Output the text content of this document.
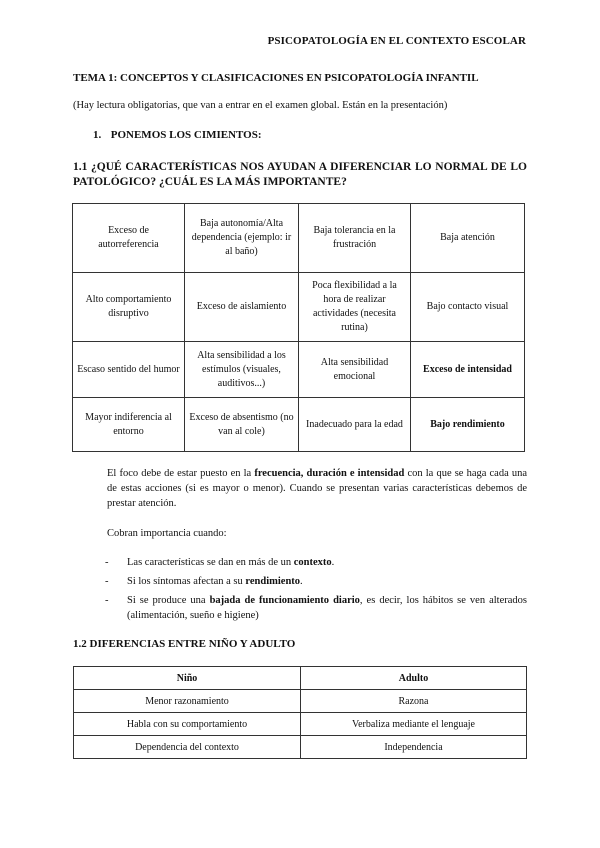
PSICOPATOLOGÍA EN EL CONTEXTO ESCOLAR
TEMA 1: CONCEPTOS Y CLASIFICACIONES EN PSICOPATOLOGÍA INFANTIL
(Hay lectura obligatorias, que van a entrar en el examen global. Están en la presentación)
1. PONEMOS LOS CIMIENTOS:
1.1 ¿QUÉ CARACTERÍSTICAS NOS AYUDAN A DIFERENCIAR LO NORMAL DE LO PATOLÓGICO? ¿CUÁL ES LA MÁS IMPORTANTE?
Exceso de autorreferencia	Baja autonomía/Alta dependencia (ejemplo: ir al baño)	Baja tolerancia en la frustración	Baja atención
Alto comportamiento disruptivo	Exceso de aislamiento	Poca flexibilidad a la hora de realizar actividades (necesita rutina)	Bajo contacto visual
Escaso sentido del humor	Alta sensibilidad a los estímulos (visuales, auditivos...)	Alta sensibilidad emocional	Exceso de intensidad
Mayor indiferencia al entorno	Exceso de absentismo (no van al cole)	Inadecuado para la edad	Bajo rendimiento
El foco debe de estar puesto en la frecuencia, duración e intensidad con la que se haga cada una de estas acciones (si es mayor o menor). Cuando se presentan varias características debemos de prestar atención.
Cobran importancia cuando:
- Las características se dan en más de un contexto.
- Si los síntomas afectan a su rendimiento.
- Si se produce una bajada de funcionamiento diario, es decir, los hábitos se ven alterados (alimentación, sueño e higiene)
1.2 DIFERENCIAS ENTRE NIÑO Y ADULTO
Niño	Adulto
Menor razonamiento	Razona
Habla con su comportamiento	Verbaliza mediante el lenguaje
Dependencia del contexto	Independencia
